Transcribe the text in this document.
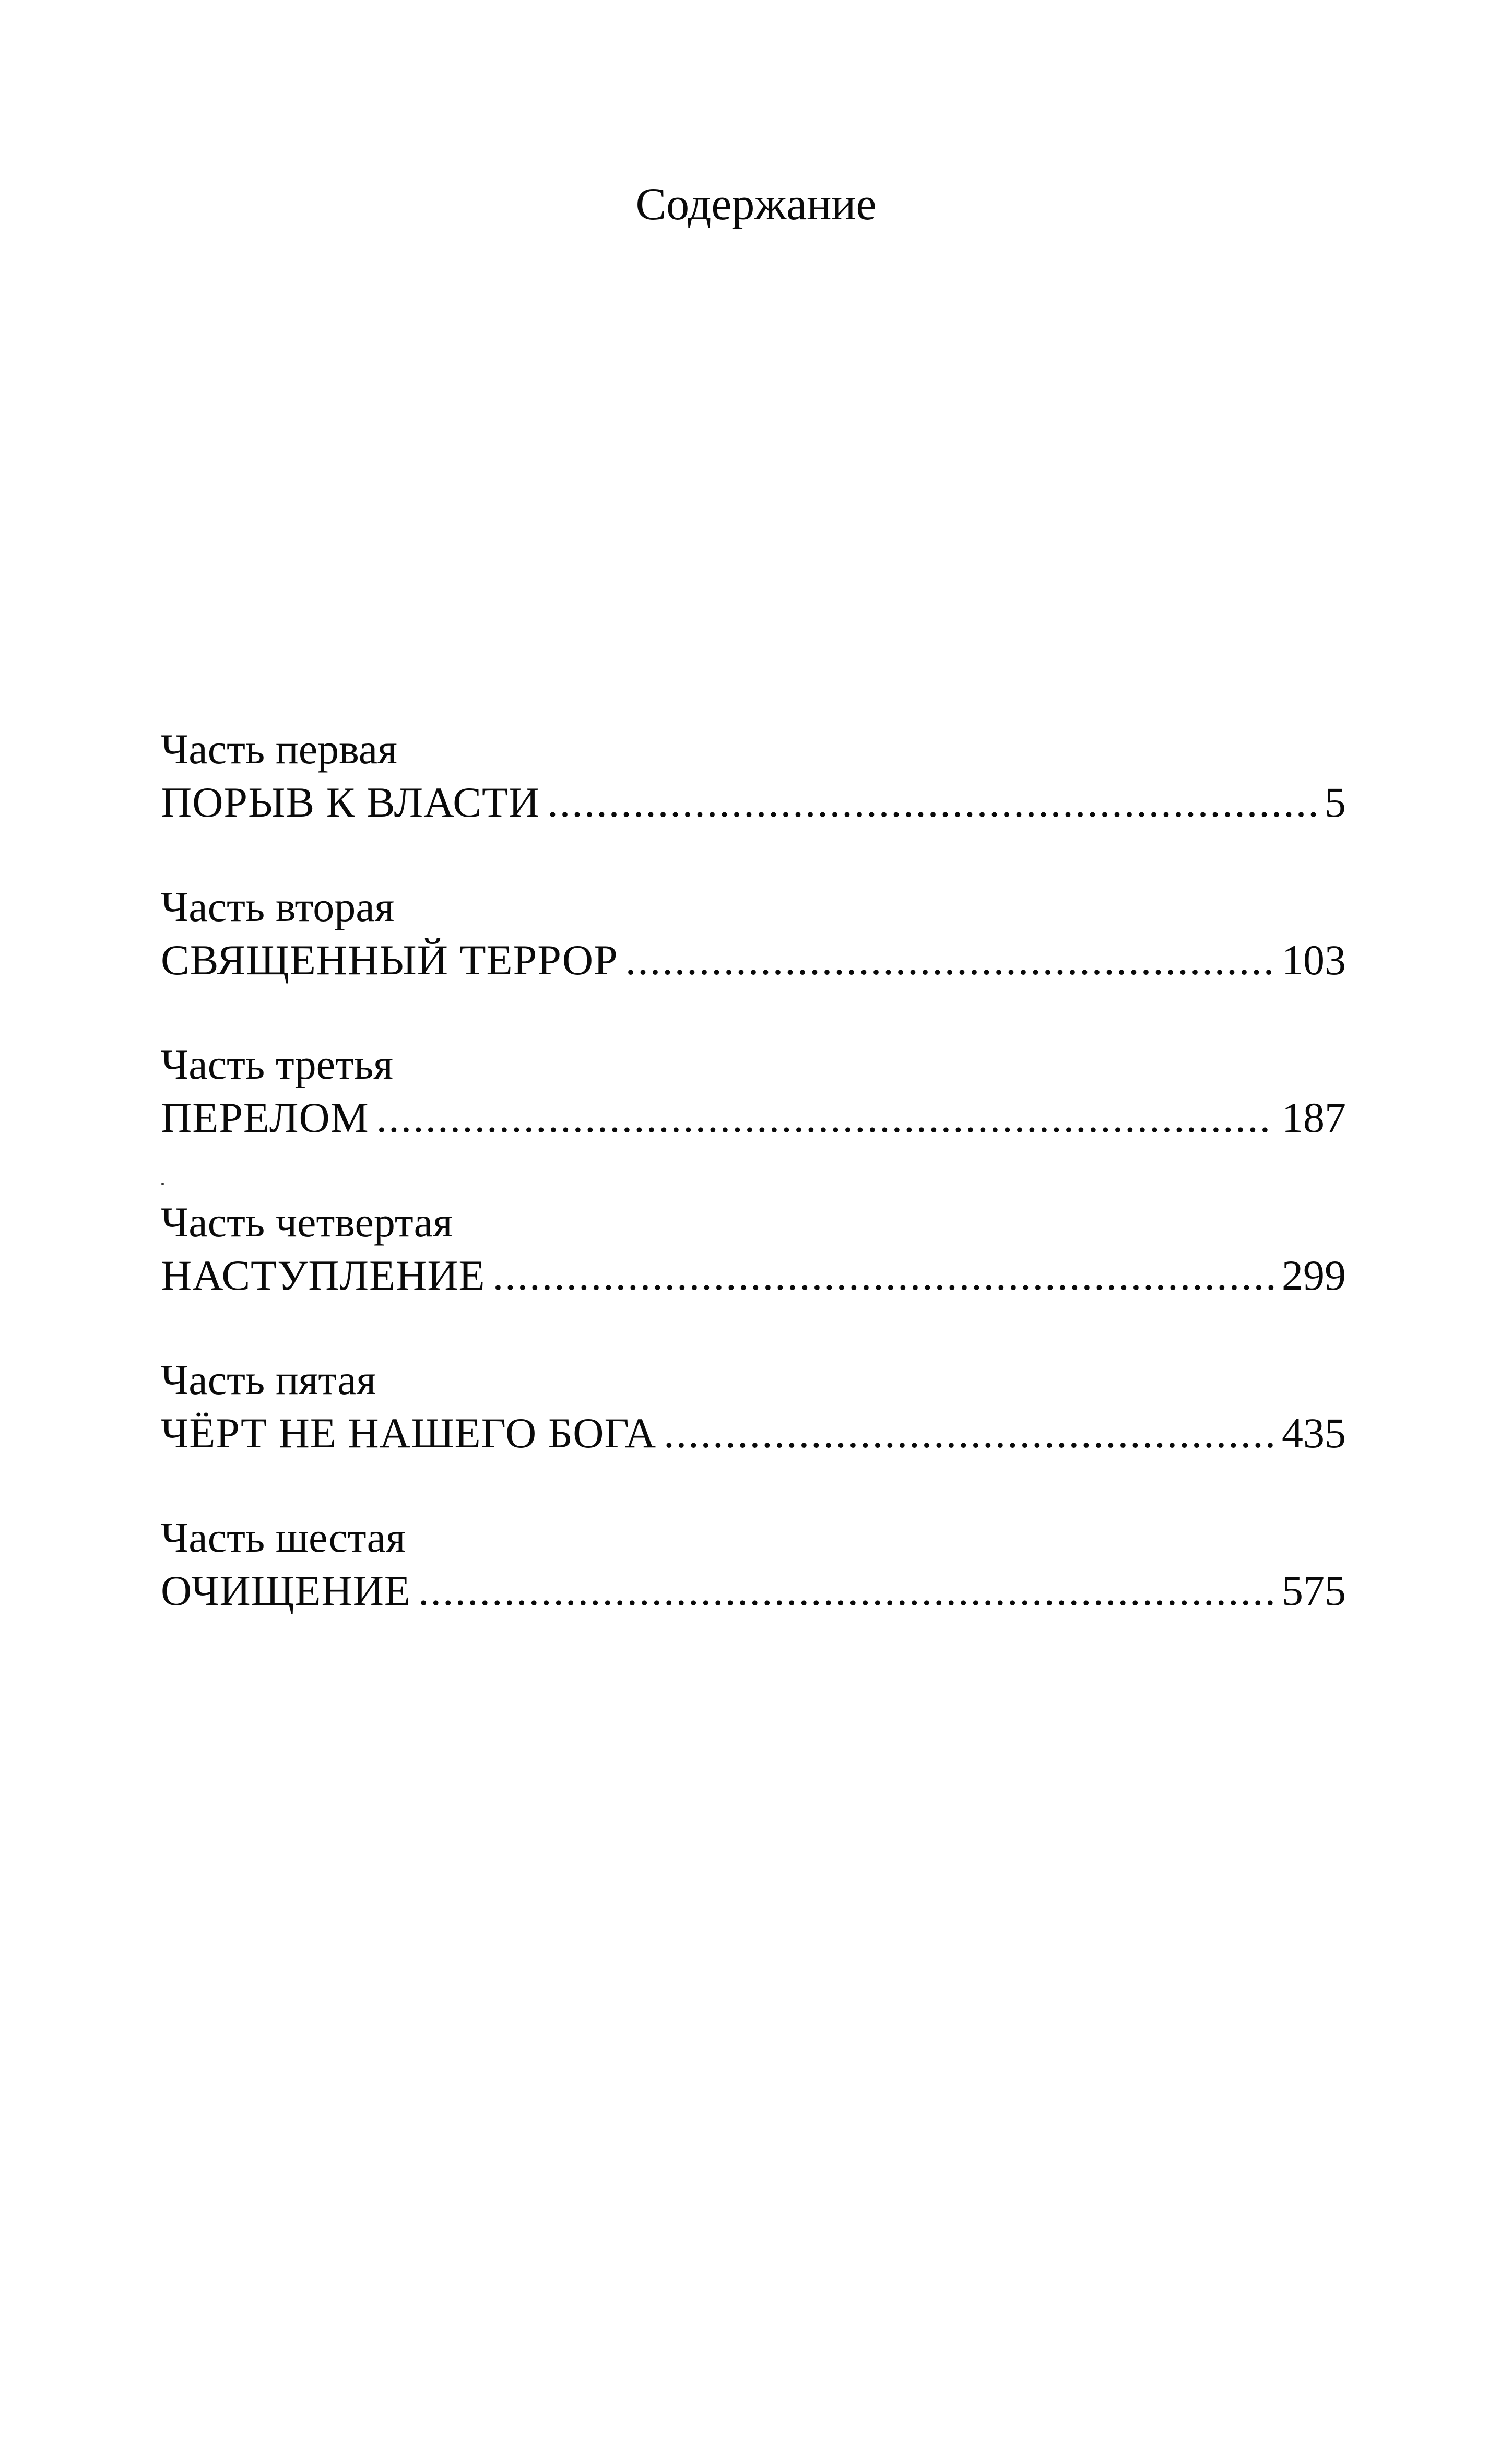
Содержание
Часть первая
ПОРЫВ К ВЛАСТИ .....	5
Часть вторая
СВЯЩЕННЫЙ ТЕРРОР .....	103
Часть третья
ПЕРЕЛОМ .....	187
Часть четвертая
НАСТУПЛЕНИЕ .....	299
Часть пятая
ЧЁРТ НЕ НАШЕГО БОГА .....	435
Часть шестая
ОЧИЩЕНИЕ .....	575
